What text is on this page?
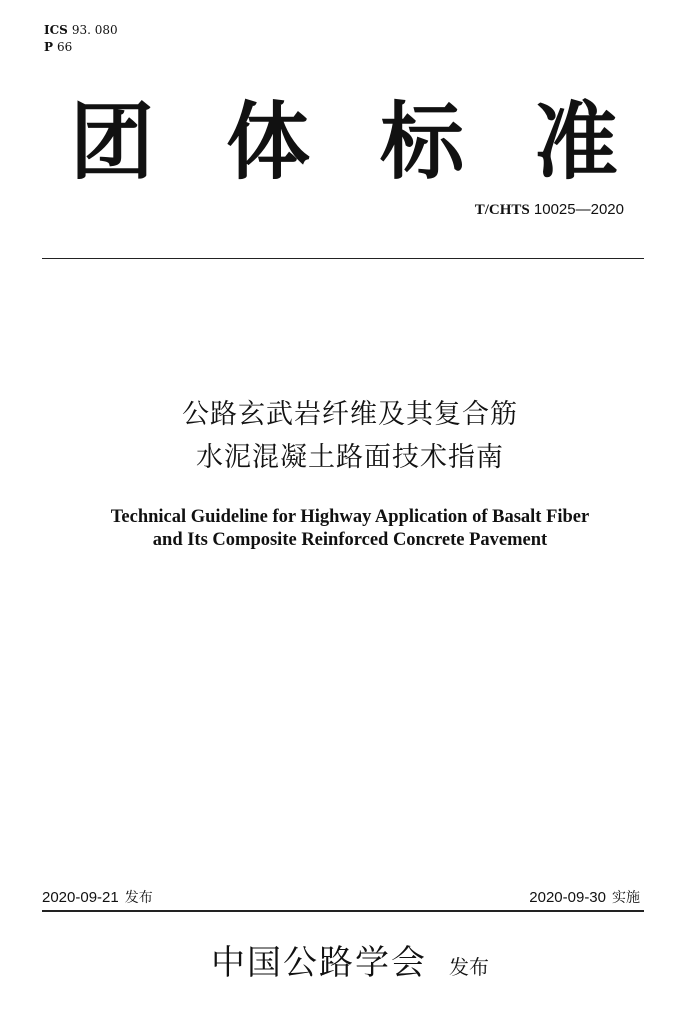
ICS 93. 080
P 66
团 体 标 准
T/CHTS 10025—2020
公路玄武岩纤维及其复合筋
水泥混凝土路面技术指南
Technical Guideline for Highway Application of Basalt Fiber
and Its Composite Reinforced Concrete Pavement
2020-09-21 发布	2020-09-30 实施
中国公路学会 发布
